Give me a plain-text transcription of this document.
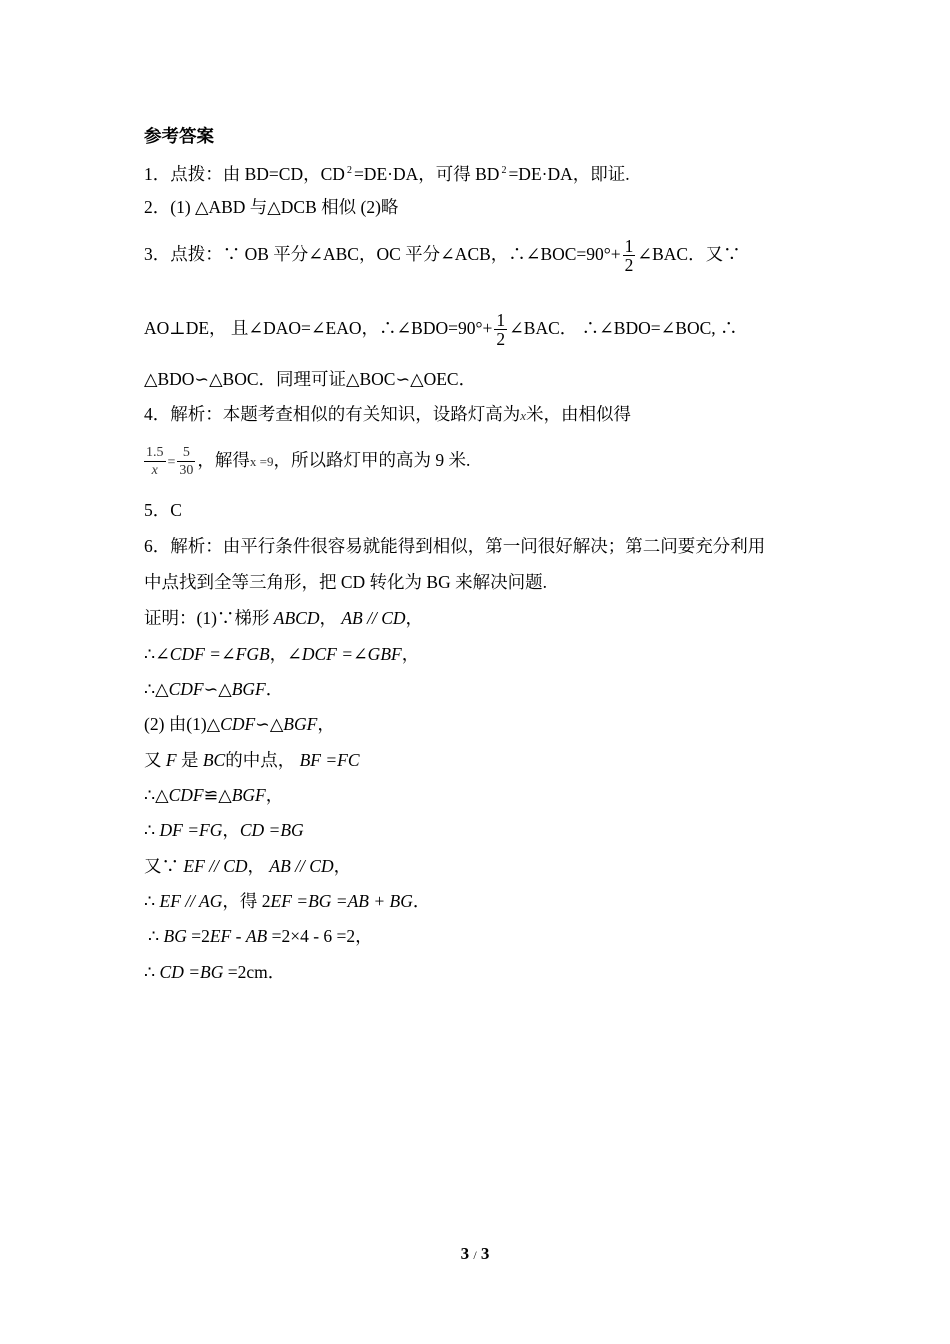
参考答案
1．点拨：由 BD=CD，CD $^2$ =DE·DA，可得 BD $^2$ =DE·DA，即证.
2．(1) △ABD 与△DCB 相似 (2)略
3．点拨：∵ OB 平分∠ABC，OC 平分∠ACB，∴∠BOC=90°+ $\frac{1}{2}$ ∠BAC．又∵
AO⊥DE， 且∠DAO=∠EAO，∴∠BDO=90°+ $\frac{1}{2}$ ∠BAC． ∴∠BDO=∠BOC, ∴
△BDO∽△BOC．同理可证△BOC∽△OEC．
4．解析：本题考查相似的有关知识，设路灯高为x米，由相似得
$\frac{1.5}{x} = \frac{5}{30}$ ，解得x =9，所以路灯甲的高为 9 米.
5．C
6．解析：由平行条件很容易就能得到相似，第一问很好解决；第二问要充分利用
中点找到全等三角形，把 CD 转化为 BG 来解决问题.
证明：(1)∵梯形 ABCD， AB // CD，
∴∠CDF =∠FGB，∠DCF =∠GBF，
∴△CDF∽△BGF．
(2) 由(1)△CDF∽△BGF，
又 F 是 BC的中点， BF =FC
∴△CDF≌△BGF，
∴ DF =FG，CD =BG
又∵ EF // CD， AB // CD，
∴ EF // AG，得 2EF =BG =AB + BG．
∴ BG =2EF - AB =2×4 - 6 =2，
∴ CD =BG =2cm．
3 / 3
